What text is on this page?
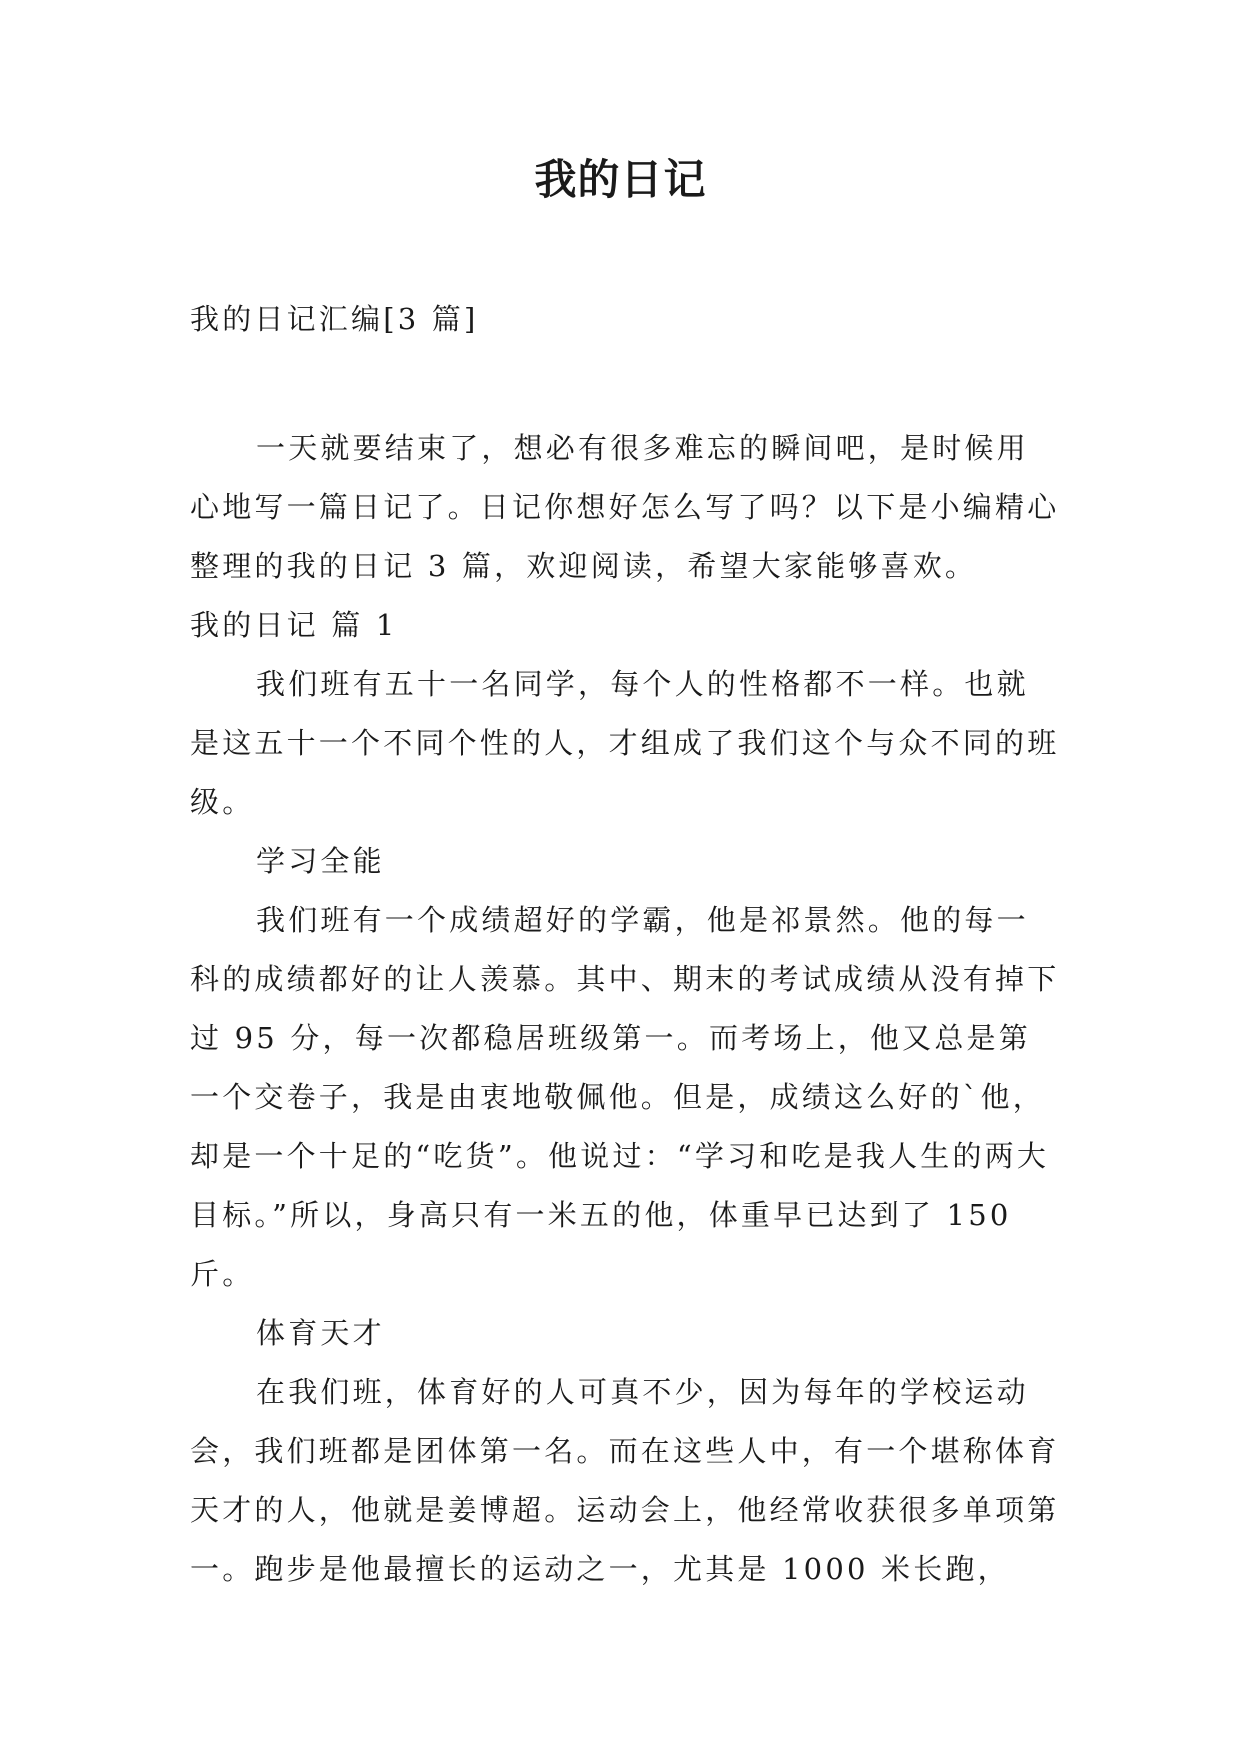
我的日记

我的日记汇编[3 篇]

一天就要结束了，想必有很多难忘的瞬间吧，是时候用心地写一篇日记了。日记你想好怎么写了吗？以下是小编精心整理的我的日记 3 篇，欢迎阅读，希望大家能够喜欢。

我的日记 篇 1

我们班有五十一名同学，每个人的性格都不一样。也就是这五十一个不同个性的人，才组成了我们这个与众不同的班级。

学习全能

我们班有一个成绩超好的学霸，他是祁景然。他的每一科的成绩都好的让人羡慕。其中、期末的考试成绩从没有掉下过 95 分，每一次都稳居班级第一。而考场上，他又总是第一个交卷子，我是由衷地敬佩他。但是，成绩这么好的`他，却是一个十足的“吃货”。他说过：“学习和吃是我人生的两大目标。”所以，身高只有一米五的他，体重早已达到了 150 斤。

体育天才

在我们班，体育好的人可真不少，因为每年的学校运动会，我们班都是团体第一名。而在这些人中，有一个堪称体育天才的人，他就是姜博超。运动会上，他经常收获很多单项第一。跑步是他最擅长的运动之一，尤其是 1000 米长跑，
